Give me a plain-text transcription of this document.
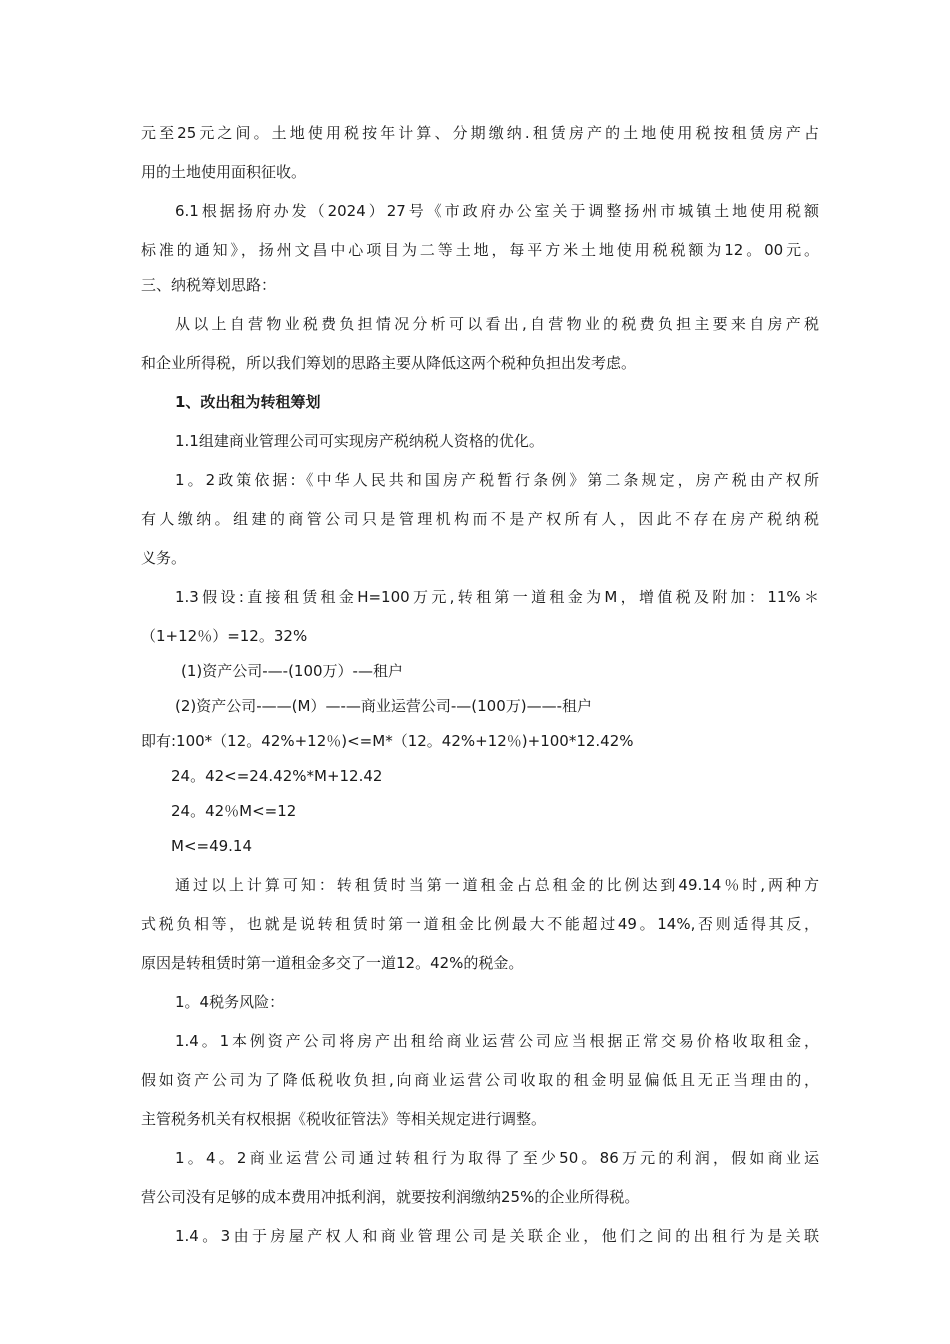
元至25元之间。土地使用税按年计算、分期缴纳.租赁房产的土地使用税按租赁房产占
用的土地使用面积征收。
6.1根据扬府办发（2024）27号《市政府办公室关于调整扬州市城镇土地使用税额
标准的通知》，扬州文昌中心项目为二等土地，每平方米土地使用税税额为12。00元。
三、纳税筹划思路：
从以上自营物业税费负担情况分析可以看出,自营物业的税费负担主要来自房产税
和企业所得税，所以我们筹划的思路主要从降低这两个税种负担出发考虑。
1、改出租为转租筹划
1.1组建商业管理公司可实现房产税纳税人资格的优化。
1。2政策依据:《中华人民共和国房产税暂行条例》第二条规定，房产税由产权所
有人缴纳。组建的商管公司只是管理机构而不是产权所有人，因此不存在房产税纳税
义务。
1.3假设:直接租赁租金H=100万元,转租第一道租金为M，增值税及附加：11%＊
（1+12％）=12。32%
(1)资产公司-—-(100万）-—租户
(2)资产公司-——(M）—-—商业运营公司-—(100万)——-租户
即有:100*（12。42%+12％)<=M*（12。42%+12％)+100*12.42%
24。42<=24.42%*M+12.42
24。42％M<=12
M<=49.14
通过以上计算可知：转租赁时当第一道租金占总租金的比例达到49.14％时,两种方
式税负相等，也就是说转租赁时第一道租金比例最大不能超过49。14%,否则适得其反，
原因是转租赁时第一道租金多交了一道12。42%的税金。
1。4税务风险：
1.4。1本例资产公司将房产出租给商业运营公司应当根据正常交易价格收取租金，
假如资产公司为了降低税收负担,向商业运营公司收取的租金明显偏低且无正当理由的，
主管税务机关有权根据《税收征管法》等相关规定进行调整。
1。4。2商业运营公司通过转租行为取得了至少50。86万元的利润，假如商业运
营公司没有足够的成本费用冲抵利润，就要按利润缴纳25%的企业所得税。
1.4。3由于房屋产权人和商业管理公司是关联企业，他们之间的出租行为是关联
